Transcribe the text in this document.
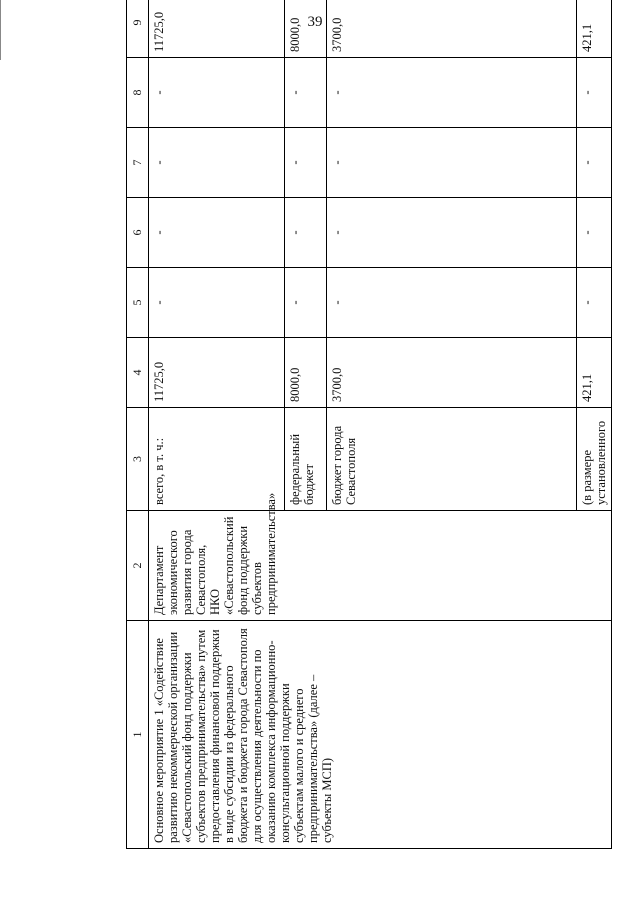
39
1	2	3	4	5	6	7	8	9
Основное мероприятие 1 «Содействие развитию некоммерческой организации «Севастопольский фонд поддержки субъектов предпринимательства» путем предоставления финансовой поддержки в виде субсидии из федерального бюджета и бюджета города Севастополя для осуществления деятельности по оказанию комплекса информационно-консультационной поддержки субъектам малого и среднего предпринимательства» (далее – субъекты МСП)	Департамент экономического развития города Севастополя, НКО «Севастопольский фонд поддержки субъектов предпринимательства»	всего, в т. ч.:	11725,0	-	-	-	-	11725,0
		федеральный бюджет	8000,0	-	-	-	-	8000,0
		бюджет города Севастополя	3700,0	-	-	-	-	3700,0
		(в размере установленного	421,1	-	-	-	-	421,1
